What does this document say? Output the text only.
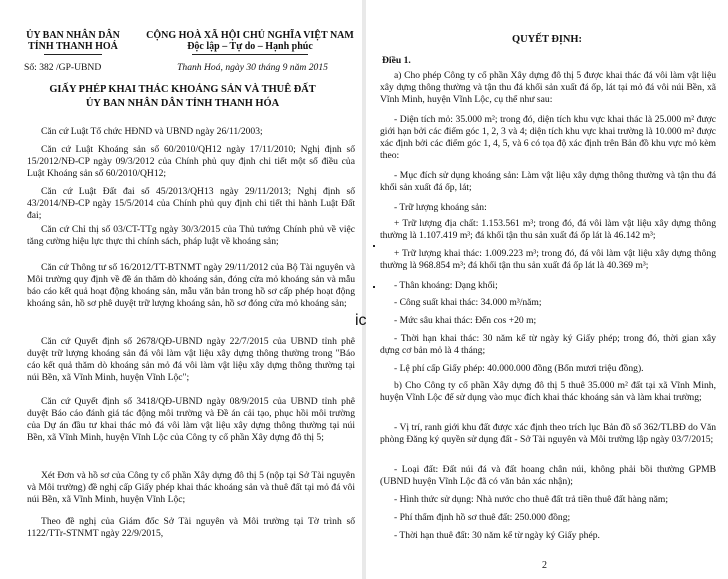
ỦY BAN NHÂN DÂN
TỈNH THANH HOÁ
CỘNG HOÀ XÃ HỘI CHỦ NGHĨA VIỆT NAM
Độc lập – Tự do – Hạnh phúc
Số: 382 /GP-UBND	Thanh Hoá, ngày 30 tháng 9 năm 2015
GIẤY PHÉP KHAI THÁC KHOÁNG SẢN VÀ THUÊ ĐẤT
ỦY BAN NHÂN DÂN TỈNH THANH HÓA
Căn cứ Luật Tổ chức HĐND và UBND ngày 26/11/2003;
Căn cứ Luật Khoáng sản số 60/2010/QH12 ngày 17/11/2010; Nghị định số 15/2012/NĐ-CP ngày 09/3/2012 của Chính phủ quy định chi tiết một số điều của Luật Khoáng sản số 60/2010/QH12;
Căn cứ Luật Đất đai số 45/2013/QH13 ngày 29/11/2013; Nghị định số 43/2014/NĐ-CP ngày 15/5/2014 của Chính phủ quy định chi tiết thi hành Luật Đất đai;
Căn cứ Chỉ thị số 03/CT-TTg ngày 30/3/2015 của Thủ tướng Chính phủ về việc tăng cường hiệu lực thực thi chính sách, pháp luật về khoáng sản;
Căn cứ Thông tư số 16/2012/TT-BTNMT ngày 29/11/2012 của Bộ Tài nguyên và Môi trường quy định về đề án thăm dò khoáng sản, đóng cửa mỏ khoáng sản và mẫu báo cáo kết quả hoạt động khoáng sản, mẫu văn bản trong hồ sơ cấp phép hoạt động khoáng sản, hồ sơ phê duyệt trữ lượng khoáng sản, hồ sơ đóng cửa mỏ khoáng sản;
Căn cứ Quyết định số 2678/QĐ-UBND ngày 22/7/2015 của UBND tỉnh phê duyệt trữ lượng khoáng sản đá vôi làm vật liệu xây dựng thông thường trong "Báo cáo kết quả thăm dò khoáng sản mỏ đá vôi làm vật liệu xây dựng thông thường tại núi Bền, xã Vĩnh Minh, huyện Vĩnh Lộc";
Căn cứ Quyết định số 3418/QĐ-UBND ngày 08/9/2015 của UBND tỉnh phê duyệt Báo cáo đánh giá tác động môi trường và Đề án cải tạo, phục hồi môi trường của Dự án đầu tư khai thác mỏ đá vôi làm vật liệu xây dựng thông thường tại núi Bền, xã Vĩnh Minh, huyện Vĩnh Lộc của Công ty cổ phần Xây dựng đô thị 5;
Xét Đơn và hồ sơ của Công ty cổ phần Xây dựng đô thị 5 (nộp tại Sở Tài nguyên và Môi trường) đề nghị cấp Giấy phép khai thác khoáng sản và thuê đất tại mỏ đá vôi núi Bền, xã Vĩnh Minh, huyện Vĩnh Lộc;
Theo đề nghị của Giám đốc Sở Tài nguyên và Môi trường tại Tờ trình số 1122/TTr-STNMT ngày 22/9/2015,
QUYẾT ĐỊNH:
Điều 1.
a) Cho phép Công ty cổ phần Xây dựng đô thị 5 được khai thác đá vôi làm vật liệu xây dựng thông thường và tận thu đá khối sản xuất đá ốp, lát tại mỏ đá vôi núi Bền, xã Vĩnh Minh, huyện Vĩnh Lộc, cụ thể như sau:
- Diện tích mỏ: 35.000 m²; trong đó, diện tích khu vực khai thác là 25.000 m² được giới hạn bởi các điểm góc 1, 2, 3 và 4; diện tích khu vực khai trường là 10.000 m² được xác định bởi các điểm góc 1, 4, 5, và 6 có tọa độ xác định trên Bản đồ khu vực mỏ kèm theo:
- Mục đích sử dụng khoáng sản: Làm vật liệu xây dựng thông thường và tận thu đá khối sản xuất đá ốp, lát;
- Trữ lượng khoáng sản:
+ Trữ lượng địa chất: 1.153.561 m³; trong đó, đá vôi làm vật liệu xây dựng thông thường là 1.107.419 m³; đá khối tận thu sản xuất đá ốp lát là 46.142 m³;
+ Trữ lượng khai thác: 1.009.223 m³; trong đó, đá vôi làm vật liệu xây dựng thông thường là 968.854 m³; đá khối tận thu sản xuất đá ốp lát là 40.369 m³;
- Thân khoáng: Dạng khối;
- Công suất khai thác: 34.000 m³/năm;
- Mức sâu khai thác: Đến cos +20 m;
- Thời hạn khai thác: 30 năm kể từ ngày ký Giấy phép; trong đó, thời gian xây dựng cơ bản mỏ là 4 tháng;
- Lệ phí cấp Giấy phép: 40.000.000 đồng (Bốn mươi triệu đồng).
b) Cho Công ty cổ phần Xây dựng đô thị 5 thuê 35.000 m² đất tại xã Vĩnh Minh, huyện Vĩnh Lộc để sử dụng vào mục đích khai thác khoáng sản và làm khai trường;
- Vị trí, ranh giới khu đất được xác định theo trích lục Bản đồ số 362/TLBĐ do Văn phòng Đăng ký quyền sử dụng đất - Sở Tài nguyên và Môi trường lập ngày 03/7/2015;
- Loại đất: Đất núi đá và đất hoang chân núi, không phải bồi thường GPMB (UBND huyện Vĩnh Lộc đã có văn bản xác nhận);
- Hình thức sử dụng: Nhà nước cho thuê đất trả tiền thuê đất hàng năm;
- Phí thẩm định hồ sơ thuê đất: 250.000 đồng;
- Thời hạn thuê đất: 30 năm kể từ ngày ký Giấy phép.
2
ic
